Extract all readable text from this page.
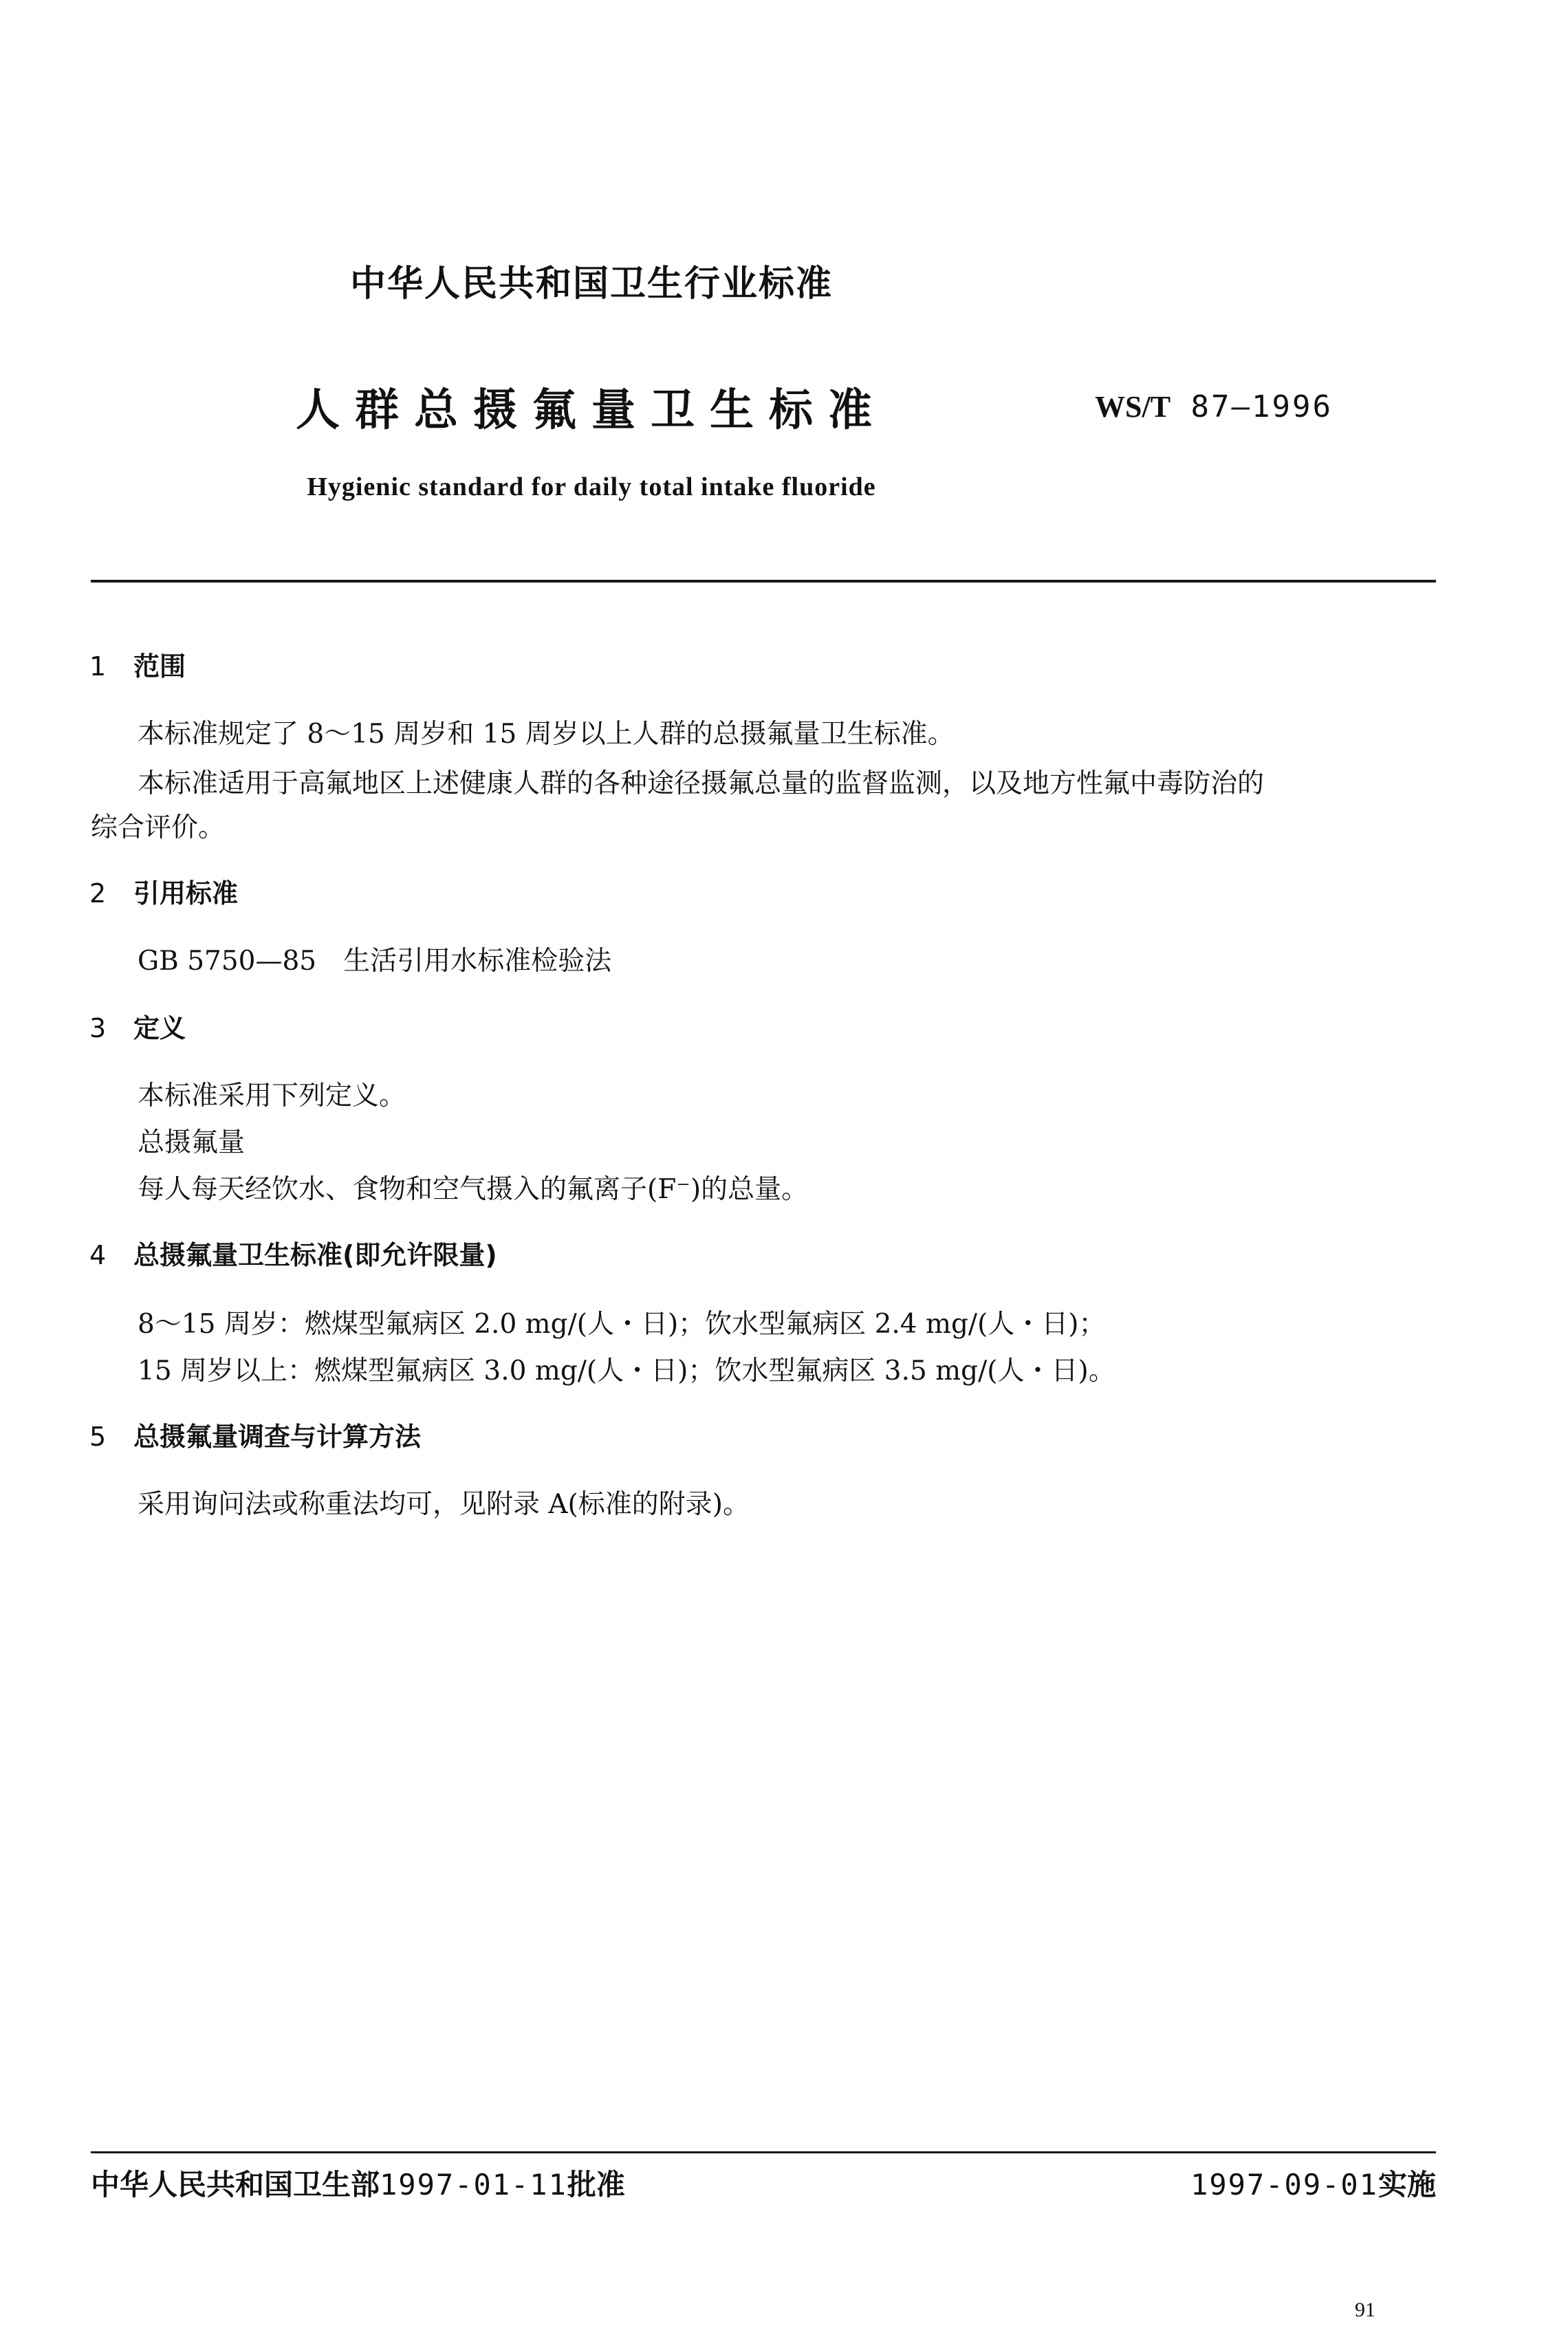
中华人民共和国卫生行业标准
人群总摄氟量卫生标准	WS/T 87—1996
Hygienic standard for daily total intake fluoride
1 范围
本标准规定了 8～15 周岁和 15 周岁以上人群的总摄氟量卫生标准。
本标准适用于高氟地区上述健康人群的各种途径摄氟总量的监督监测，以及地方性氟中毒防治的
综合评价。
2 引用标准
GB 5750—85　生活引用水标准检验法
3 定义
本标准采用下列定义。
总摄氟量
每人每天经饮水、食物和空气摄入的氟离子(F⁻)的总量。
4 总摄氟量卫生标准(即允许限量)
8～15 周岁：燃煤型氟病区 2.0 mg/(人・日)；饮水型氟病区 2.4 mg/(人・日)；
15 周岁以上：燃煤型氟病区 3.0 mg/(人・日)；饮水型氟病区 3.5 mg/(人・日)。
5 总摄氟量调查与计算方法
采用询问法或称重法均可，见附录 A(标准的附录)。
中华人民共和国卫生部1997-01-11批准	1997-09-01实施
91
